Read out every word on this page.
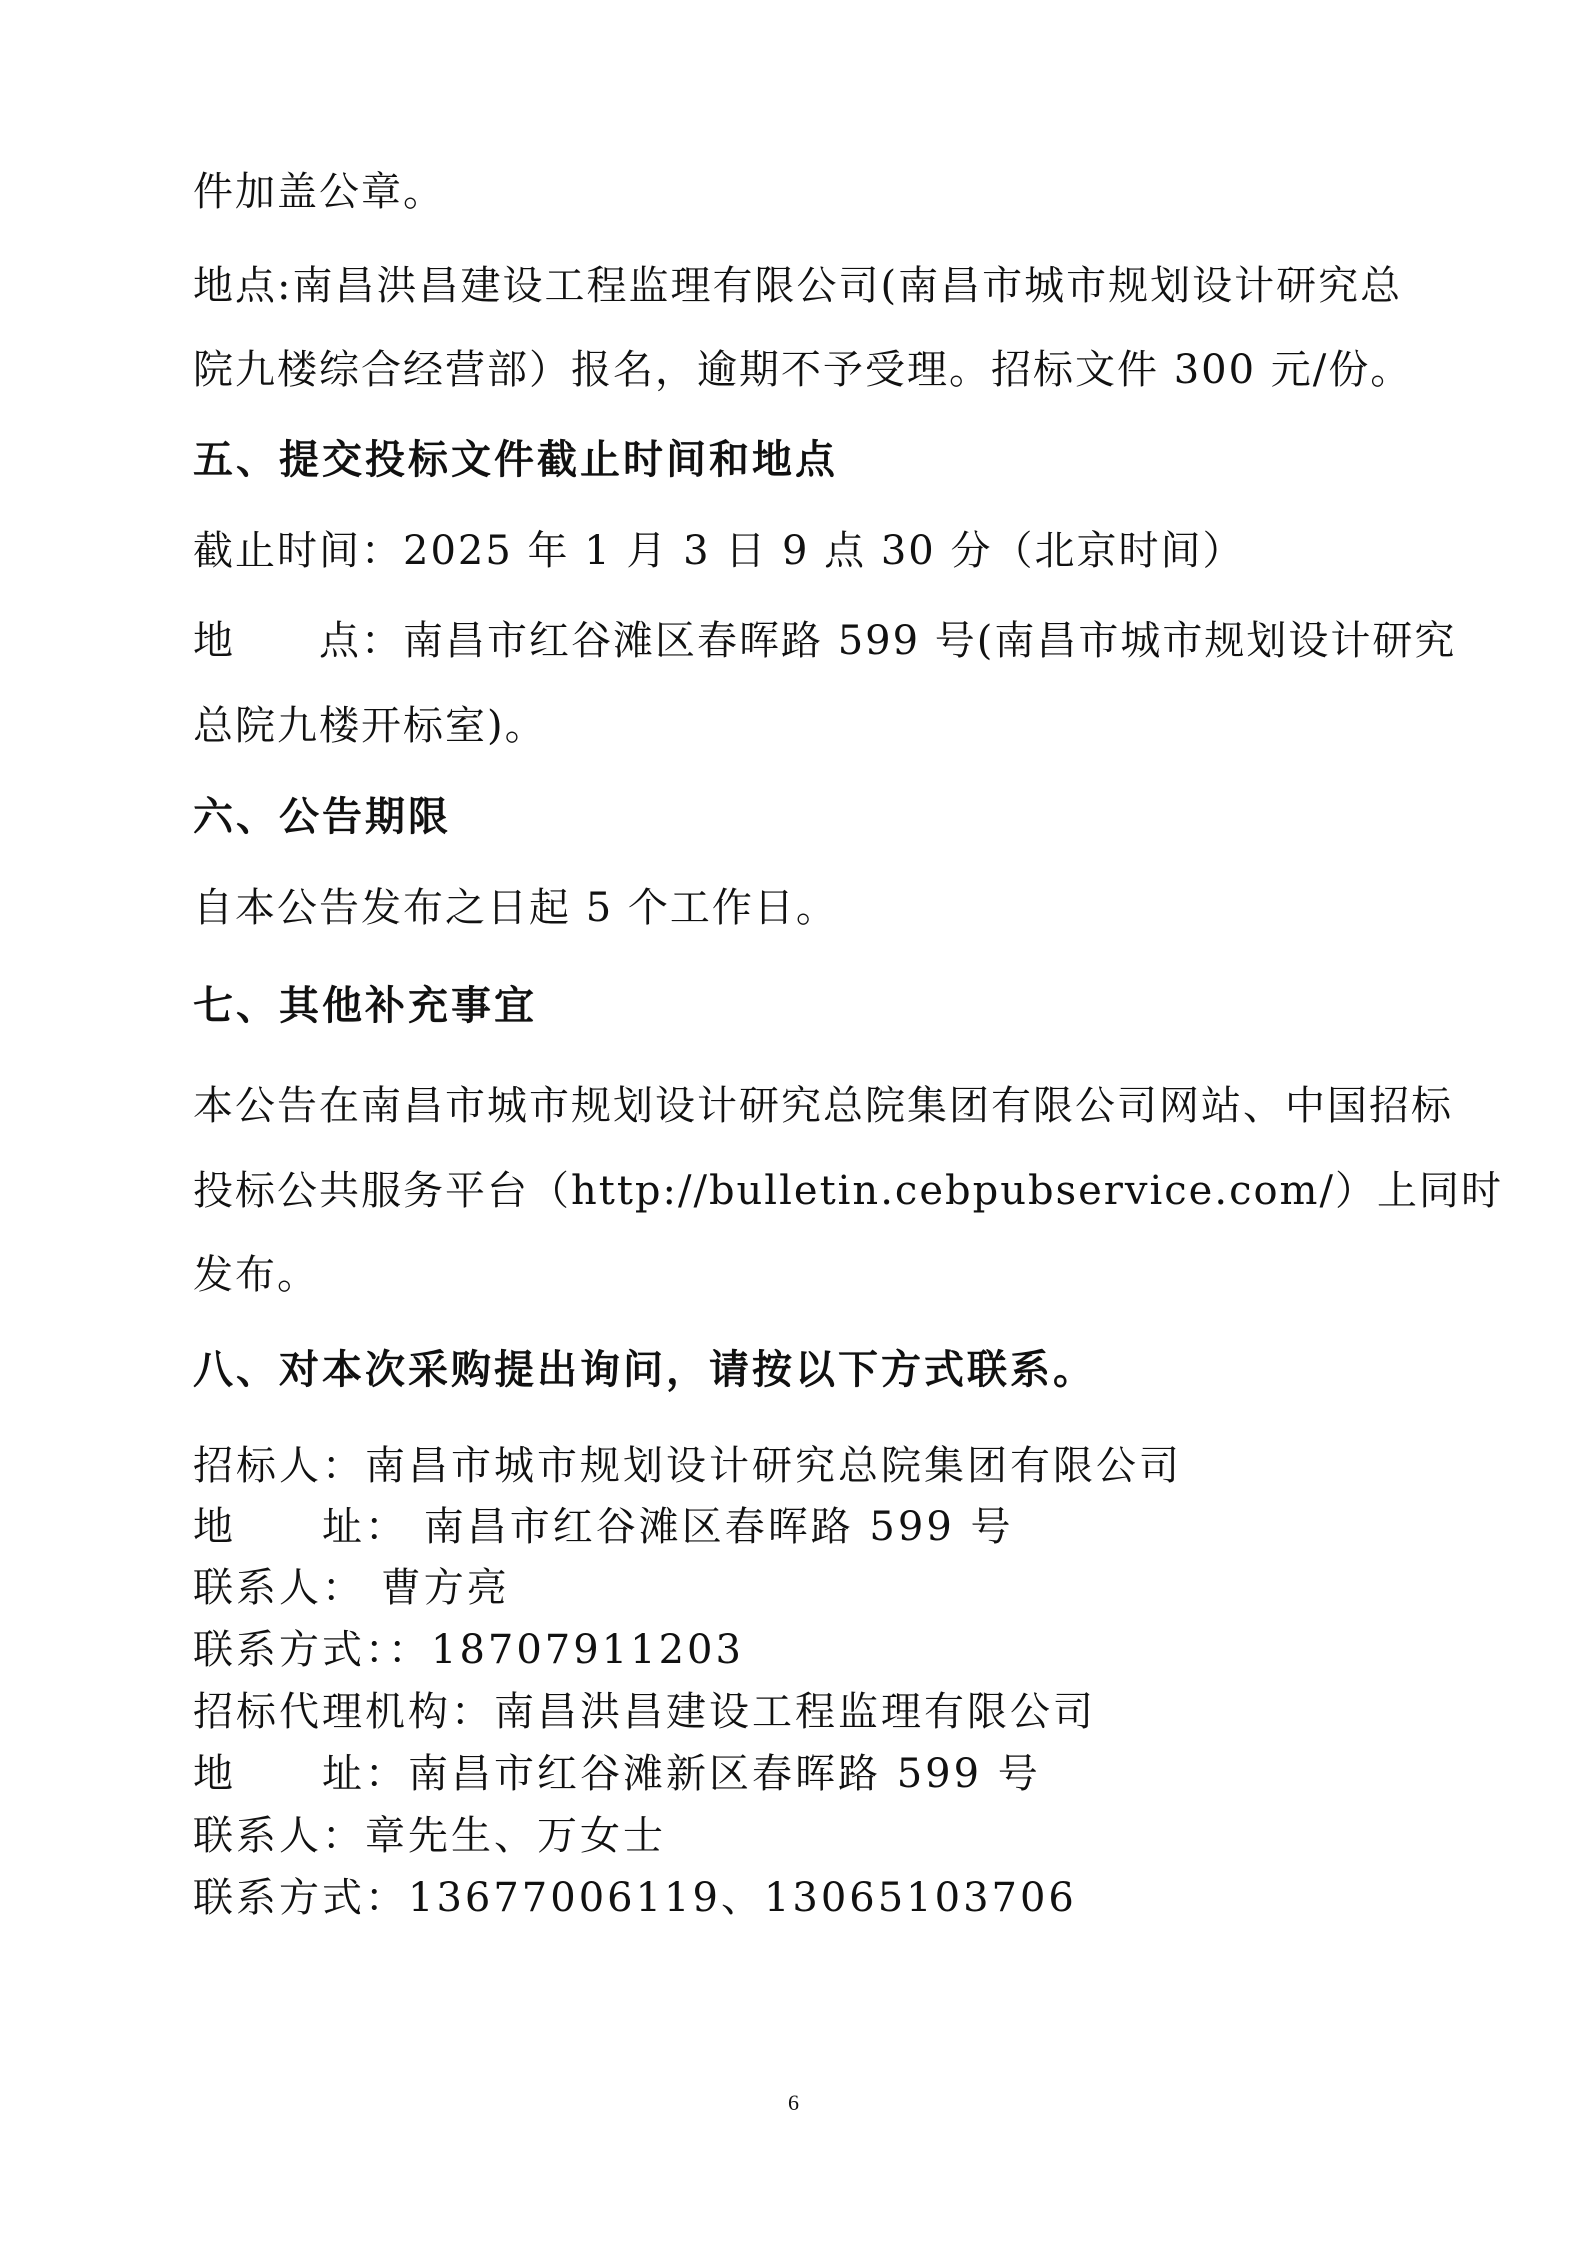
件加盖公章。
地点:南昌洪昌建设工程监理有限公司(南昌市城市规划设计研究总
院九楼综合经营部）报名，逾期不予受理。招标文件 300 元/份。
五、提交投标文件截止时间和地点
截止时间：2025 年 1 月 3 日 9 点 30 分（北京时间）
地　　点：南昌市红谷滩区春晖路 599 号(南昌市城市规划设计研究
总院九楼开标室)。
六、公告期限
自本公告发布之日起 5 个工作日。
七、其他补充事宜
本公告在南昌市城市规划设计研究总院集团有限公司网站、中国招标
投标公共服务平台（http://bulletin.cebpubservice.com/）上同时
发布。
八、对本次采购提出询问，请按以下方式联系。
招标人：南昌市城市规划设计研究总院集团有限公司
地　　址： 南昌市红谷滩区春晖路 599 号
联系人： 曹方亮
联系方式：：18707911203
招标代理机构：南昌洪昌建设工程监理有限公司
地　　址：南昌市红谷滩新区春晖路 599 号
联系人：章先生、万女士
联系方式：13677006119、13065103706
6
